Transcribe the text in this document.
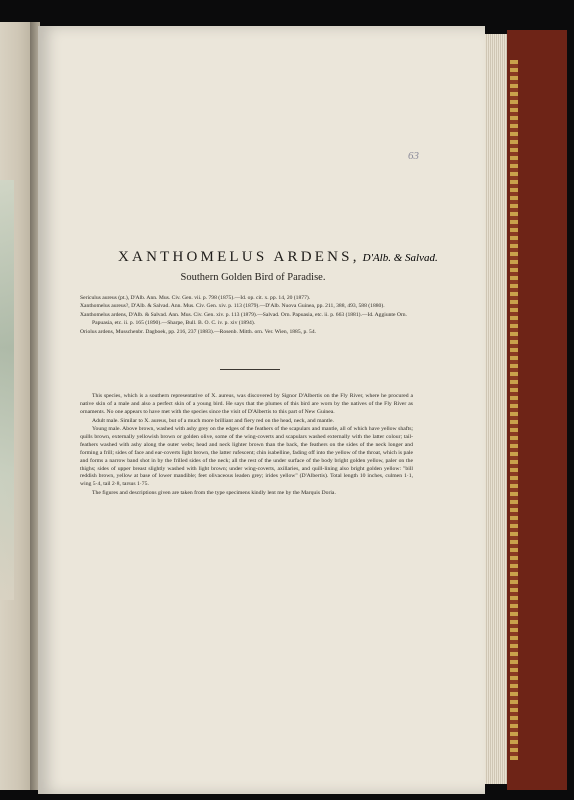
63
XANTHOMELUS ARDENS, D'Alb. & Salvad.
Southern Golden Bird of Paradise.
Sericulus aureus (pt.), D'Alb. Ann. Mus. Civ. Gen. vii. p. 798 (1875).—Id. op. cit. x. pp. 14, 20 (1877).
Xanthomelus aureus?, D'Alb. & Salvad. Ann. Mus. Civ. Gen. xiv. p. 113 (1879).—D'Alb. Nuova Guinea, pp. 211, 388, 493, 588 (1880).
Xanthomelus ardens, D'Alb. & Salvad. Ann. Mus. Civ. Gen. xiv. p. 113 (1879).—Salvad. Orn. Papuasia, etc. ii. p. 663 (1881).—Id. Aggiunte Orn. Papuasia, etc. ii. p. 165 (1890).—Sharpe, Bull. B. O. C. iv. p. xiv (1894).
Oriolus ardens, Musschenbr. Dagboek, pp. 216, 237 (1883).—Rosenb. Mitth. orn. Ver. Wien, 1885, p. 54.

This species, which is a southern representative of X. aureus, was discovered by Signor D'Albertis on the Fly River, where he procured a native skin of a male and also a perfect skin of a young bird. He says that the plumes of this bird are worn by the natives of the Fly River as ornaments. No one appears to have met with the species since the visit of D'Albertis to this part of New Guinea.

Adult male. Similar to X. aureus, but of a much more brilliant and fiery red on the head, neck, and mantle.

Young male. Above brown, washed with ashy grey on the edges of the feathers of the scapulars and mantle, all of which have yellow shafts; quills brown, externally yellowish brown or golden olive, some of the wing-coverts and scapulars washed externally with the latter colour; tail-feathers washed with ashy along the outer webs; head and neck lighter brown than the back, the feathers on the sides of the neck longer and forming a frill; sides of face and ear-coverts light brown, the latter rufescent; chin isabelline, fading off into the yellow of the throat, which is pale and forms a narrow band shot in by the frilled sides of the neck; all the rest of the under surface of the body bright golden yellow, paler on the thighs; sides of upper breast slightly washed with light brown; under wing-coverts, axillaries, and quill-lining also bright golden yellow: "bill reddish brown, yellow at base of lower mandible; feet olivaceous leaden grey; irides yellow" (D'Albertis). Total length 10 inches, culmen 1·1, wing 5·4, tail 2·8, tarsus 1·75.

The figures and descriptions given are taken from the type specimens kindly lent me by the Marquis Doria.
